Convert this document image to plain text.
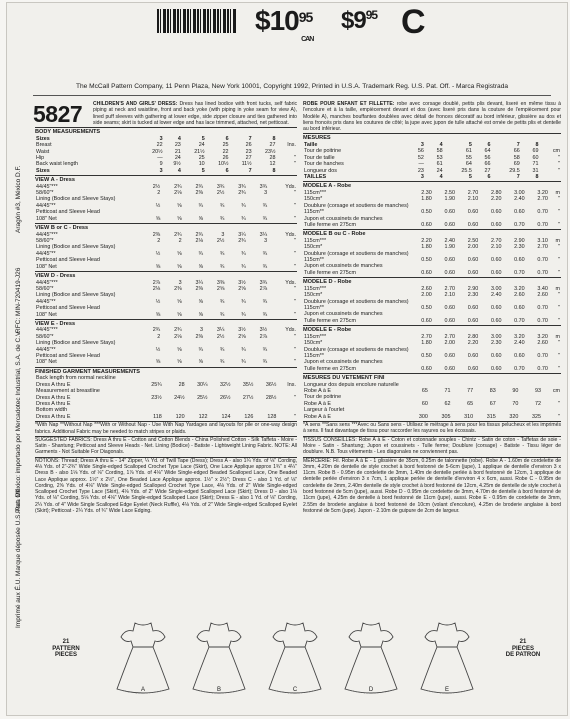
$\$10^{95}$
CAN
$\$9^{95}$ C
The McCall Pattern Company, 11 Penn Plaza, New York 10001, Copyright 1992, Printed in U.S.A. Trademark Reg. U.S. Pat. Off. - Marca Registrada
Aragón #3, México D.F.
RFC: MIN-720419-J26
Para México: importado por Mercadotec Industrial, S.A. de C.V.
Imprimé aux É.U. Marque déposée U.S. Pat. Off.
5827 CHILDREN'S AND GIRLS' DRESS: Dress has lined bodice with front tucks, self fabric piping at neck and waistline, front and back yoke (with piping in yoke seam for view A), lined puff sleeves with gathering at lower edge, side zipper closure and ties gathered into side seams; skirt is tucked at lower edge and has lace trimmed, attached, net petticoat.
BODY MEASUREMENTS
Sizes	3	4	5	6	7	8	
Breast	22	23	24	25	26	27	Ins.
Waist	20½	21	21½	22	23	23½	
Hip	—	24	25	26	27	28	"
Back waist length	9	9½	10	10½	11½	12	"
Sizes	3	4	5	6	7	8	
VIEW A - Dress
44/45"***	2½	2¾	2¾	3¾	3¾	3¾	Yds.
58/60"*	2	2⅛	2⅜	2½	2¾	3	"
Lining (Bodice and Sleeve Stays)							
44/45"**	½	⅝	¾	¾	¾	¾	"
Petticoat and Sleeve Head							
108" Net	⅝	⅝	⅝	¾	¾	¾	"
VIEW B or C - Dress
44/45"***	2⅜	2¾	2¾	3	3¼	3¼	Yds.
58/60"*	2	2	2⅛	2½	2¾	3	"
Lining (Bodice and Sleeve Stays)							
44/45"**	½	⅝	¾	¾	¾	¾	"
Petticoat and Sleeve Head							
108" Net	⅝	⅝	⅝	¾	¾	¾	"
VIEW D - Dress
44/45"***	2⅞	3	3¼	3⅜	3½	3¾	Yds.
58/60"*	2⅛	2⅜	2⅜	2⅝	2⅝	2⅞	"
Lining (Bodice and Sleeve Stays)							
44/45"**	½	⅝	⅝	¾	¾	¾	"
Petticoat and Sleeve Head							
108" Net	⅝	⅝	⅝	¾	¾	¾	"
VIEW E - Dress
44/45"***	2¾	2¾	3	3¼	3½	3½	Yds.
58/60"*	2	2⅛	2⅜	2½	2⅝	2⅞	"
Lining (Bodice and Sleeve Stays)							
44/45"**	½	⅝	¾	¾	¾	¾	"
Petticoat and Sleeve Head							
108" Net	⅝	⅝	⅝	¾	¾	¾	"
FINISHED GARMENT MEASUREMENTS
Back length from normal neckline							
Dress A thru E	25¾	28	30¼	32½	35½	36½	Ins.
Measurement at breastline							
Dress A thru E	23½	24½	25½	26½	27½	28½	"
Dress A thru E							
Bottom width							
Dress A thru E	118	120	122	124	126	128	"
*With Nap **Without Nap ***With or Without Nap - Use With Nap Yardages and layouts for pile or one-way design fabrics. Additional Fabric may be needed to match stripes or plaids.
SUGGESTED FABRICS: Dress A thru E - Cotton and Cotton Blends - China Polished Cotton - Silk Taffeta - Moire - Satin - Shantung; Petticoat and Sleeve Heads - Net. Lining (Bodice) - Batiste - Lightweight Lining Fabric. NOTE: All Garments - Not Suitable For Diagonals.
NOTIONS: Thread; Dress A thru E - 14" Zipper, ¼ Yd. of Twill Tape (Dress); Dress A - also 1¼ Yds. of ⅛" Cording, 4⅛ Yds. of 2"-2¾" Wide Single-edged Scalloped Crochet Type Lace (Skirt), One Lace Applique approx 1¾" x 4¼" Dress B - also 1⅛ Yds. of ⅛" Cording, 1⅞ Yds. of 4⅛" Wide Single-edged Beaded Scalloped Lace, One Beaded Lace Applique approx. 1½" x 2½", One Beaded Lace Applique approx. 1½" x 2½"; Dress C - also 1 Yd. of ⅛" Cording, 2⅝ Yds. of 4⅛" Wide Single-edged Scalloped Crochet Type Lace, 4⅛ Yds. of 2" Wide Single-edged Scalloped Crochet Type Lace (Skirt), 4⅛ Yds. of 2" Wide Single-edged Scalloped Lace (Skirt); Dress D - also 1⅛ Yds. of ⅛" Cording, 5⅛ Yds. of 4⅛" Wide Single-edged Scalloped Lace (Skirt); Dress E - also 1 Yd. of ⅛" Cording, 2¼ Yds. of 4" Wide Single Scalloped Edge Eyelet (Neck Ruffle), 4⅛ Yds. of 2" Wide Single-edged Scalloped Eyelet (Skirt); Petticoat - 2¼ Yds. of ¾" Wide Lace Edging.
ROBE POUR ENFANT ET FILLETTE: robe avec corsage doublé, petits plis devant, liseré en même tissu à l'encolure et à la taille, empiècement devant et dos (avec liseré pris dans la couture de l'empiècement pour Modèle A), manches bouffantes doublées avec détail de fronces décoratif au bord inférieur, glissière au dos et liens froncés pris dans les coutures de côté; la jupe avec jupon de tulle attaché est ornée de petits plis et dentelle au bord inférieur.
MESURES
Taille	3	4	5	6	7	8	
Tour de poitrine	56	58	61	64	66	69	cm
Tour de taille	52	53	55	56	58	60	"
Tour de hanches	—	61	64	66	69	71	"
Longueur dos	23	24	25.5	27	29.5	31	"
TAILLES	3	4	5	6	7	8	
MODELE A - Robe
115cm***	2.30	2.50	2.70	2.80	3.00	3.20	m
150cm*	1.80	1.90	2.10	2.20	2.40	2.70	"
Doublure (corsage et soutiens de manches)							
115cm**	0.50	0.60	0.60	0.60	0.60	0.70	"
Jupon et coussinets de manches							
Tulle ferme en 275cm	0.60	0.60	0.60	0.60	0.70	0.70	"
MODELE B ou C - Robe
115cm***	2.20	2.40	2.50	2.70	2.90	3.10	m
150cm*	1.80	1.90	2.00	2.10	2.30	2.70	"
Doublure (corsage et soutiens de manches)							
115cm**	0.50	0.60	0.60	0.60	0.60	0.70	"
Jupon et coussinets de manches							
Tulle ferme en 275cm	0.60	0.60	0.60	0.60	0.70	0.70	"
MODELE D - Robe
115cm***	2.60	2.70	2.90	3.00	3.20	3.40	m
150cm*	2.00	2.10	2.30	2.40	2.60	2.60	"
Doublure (corsage et soutiens de manches)							
115cm**	0.50	0.60	0.60	0.60	0.60	0.70	"
Jupon et coussinets de manches							
Tulle ferme en 275cm	0.60	0.60	0.60	0.60	0.70	0.70	"
MODELE E - Robe
115cm***	2.70	2.70	2.80	3.00	3.20	3.20	m
150cm*	1.80	2.00	2.20	2.30	2.40	2.60	"
Doublure (corsage et soutiens de manches)							
115cm**	0.50	0.60	0.60	0.60	0.60	0.70	"
Jupon et coussinets de manches							
Tulle ferme en 275cm	0.60	0.60	0.60	0.60	0.70	0.70	"
MESURES DU VETEMENT FINI
Longueur dos depuis encolure naturelle							
Robe A à E	65	71	77	83	90	93	cm
Tour de poitrine							
Robe A à E	60	62	65	67	70	72	"
Largeur à l'ourlet							
Robe A à E	300	305	310	315	320	325	"
*A sens **Sans sens ***Avec ou Sans sens - Utilisez le métrage à sens pour les tissus pelucheux et les imprimés à sens. Il faut davantage de tissu pour raccorder les rayures ou les écossais.
TISSUS CONSEILLES: Robe A à E - Coton et cotonnade souples - Chintz - Satin de coton - Taffetas de soie - Moire - Satin - Shantung; Jupon et coussinets - Tulle ferme; Doublure (corsage) - Batiste - Tissu léger de doublure. N.B. Tous vêtements - Les diagonales ne conviennent pas.
MERCERIE: Fil. Robe A à E - 1 glissière de 35cm, 0.25m de talonnette (robe). Robe A - 1.60m de cordelette de 3mm, 4.20m de dentelle de style crochet à bord festonné de 5-6cm (jupe), 1 applique de dentelle d'environ 3 x 11cm. Robe B - 0.95m de cordelette de 3mm, 1.40m de dentelle perlée à bord festonné de 12cm, 1 applique de dentelle perlée d'environ 3 x 7cm, 1 applique perlée de dentelle d'environ 4 x 6cm, aussi. Robe C - 0.95m de cordelette de 3mm, 2.40m dentelle de style crochet à bord festonné de 12cm, 4.25m de dentelle de style crochet à bord festonné de 5cm (jupe), aussi. Robe D - 0.95m de cordelette de 3mm, 4.70m de dentelle à bord festonné de 11cm (jupe), 4.25m de dentelle à bord festonné de 11cm (jupe), aussi. Robe E - 0.95m de cordelette de 3mm, 2.55m de broderie anglaise à bord festonné de 10cm (volant d'encolure), 4.25m de broderie anglaise à bord festonné de 5cm (jupe). Jupon - 2.10m de guipure de 2cm de largeur.
21
PATTERN
PIECES
21
PIECES
DE PATRON
A	B	C	D	E
